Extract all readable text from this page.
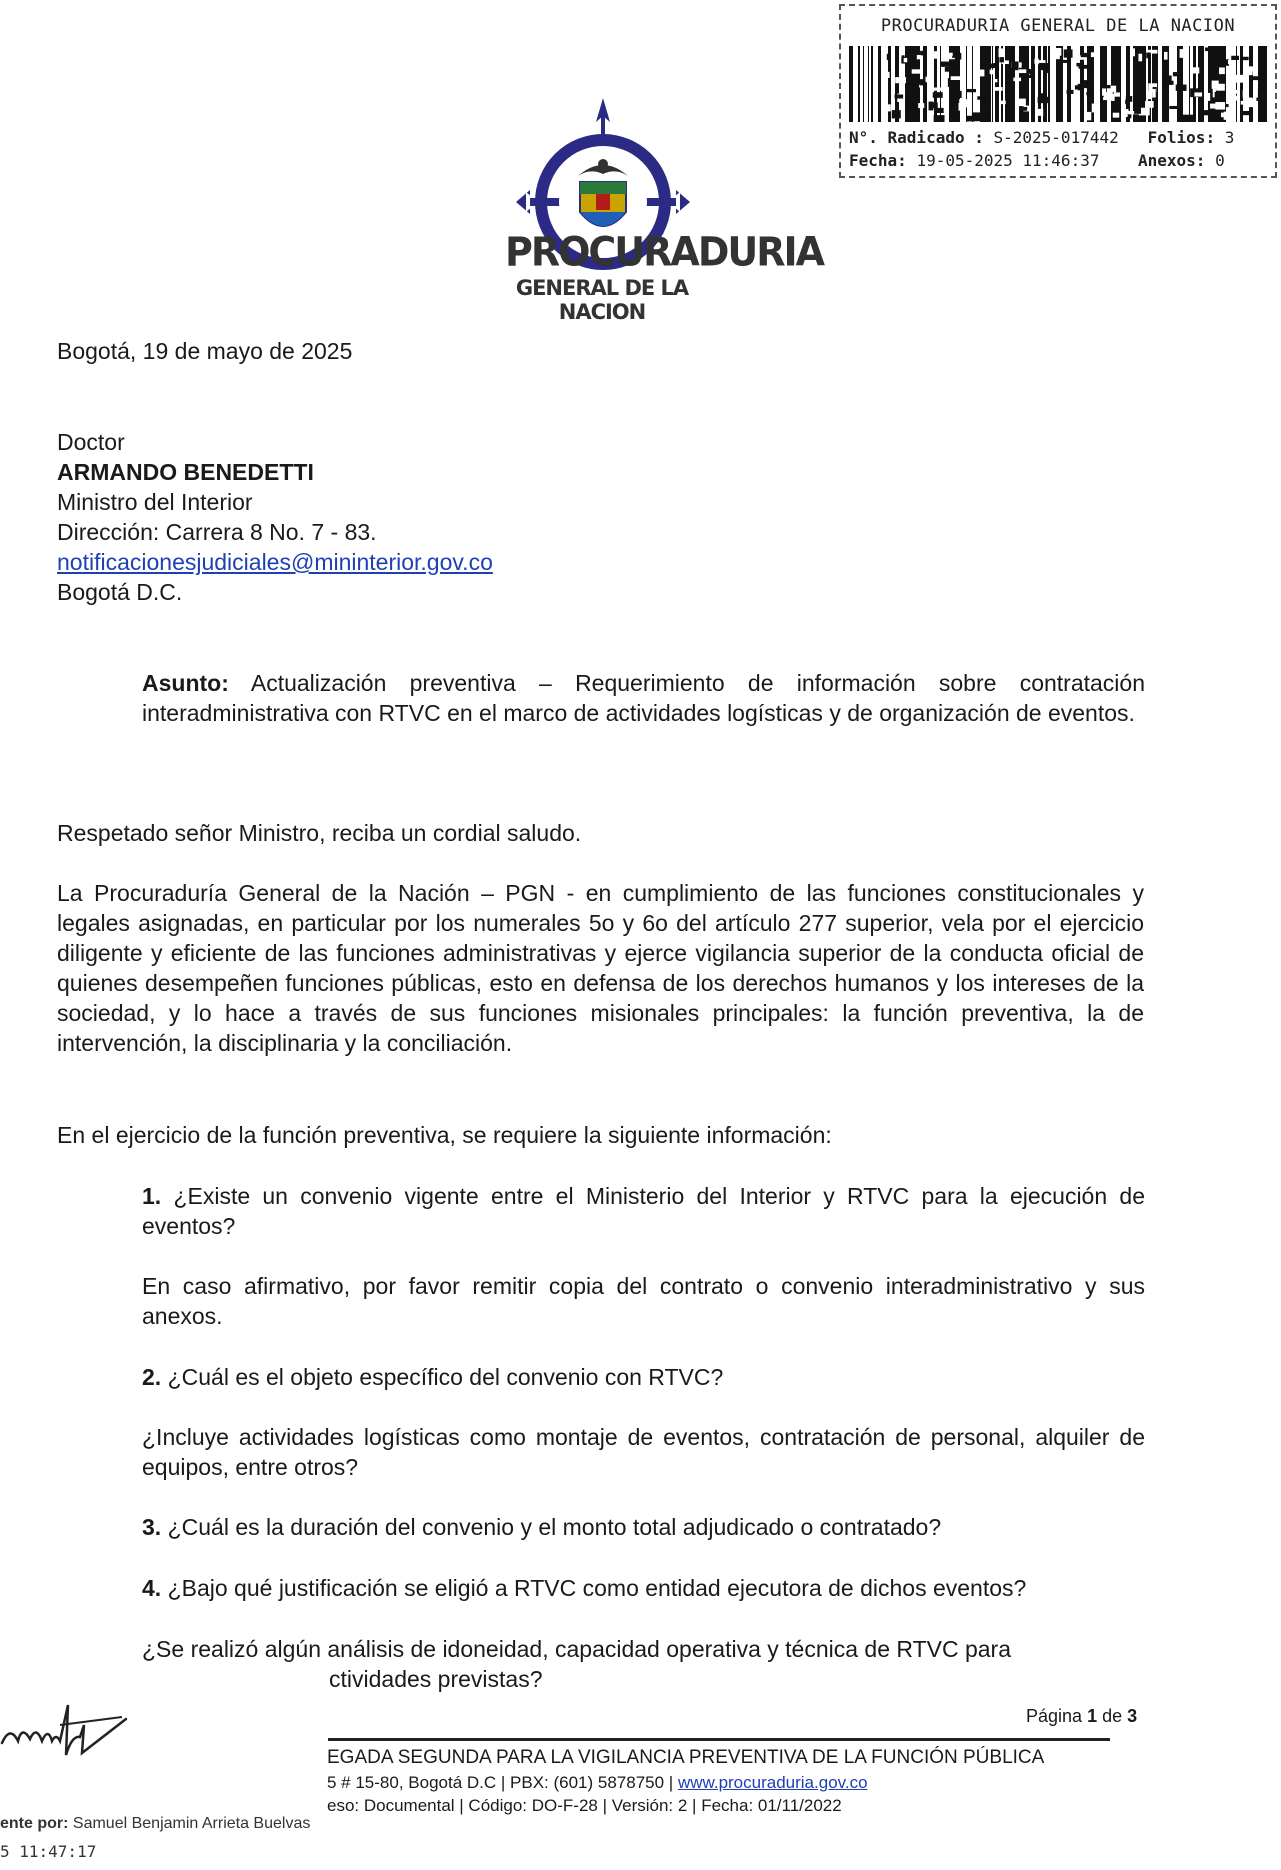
PROCURADURIA GENERAL DE LA NACION
N°. Radicado : S-2025-017442 Folios: 3
Fecha: 19-05-2025 11:46:37 Anexos: 0
PROCURADURIA
GENERAL DE LA NACION
Bogotá, 19 de mayo de 2025
Doctor
ARMANDO BENEDETTI
Ministro del Interior
Dirección: Carrera 8 No. 7 - 83.
notificacionesjudiciales@mininterior.gov.co
Bogotá D.C.
Asunto: Actualización preventiva – Requerimiento de información sobre contratación interadministrativa con RTVC en el marco de actividades logísticas y de organización de eventos.
Respetado señor Ministro, reciba un cordial saludo.
La Procuraduría General de la Nación – PGN - en cumplimiento de las funciones constitucionales y legales asignadas, en particular por los numerales 5o y 6o del artículo 277 superior, vela por el ejercicio diligente y eficiente de las funciones administrativas y ejerce vigilancia superior de la conducta oficial de quienes desempeñen funciones públicas, esto en defensa de los derechos humanos y los intereses de la sociedad, y lo hace a través de sus funciones misionales principales: la función preventiva, la de intervención, la disciplinaria y la conciliación.
En el ejercicio de la función preventiva, se requiere la siguiente información:
1. ¿Existe un convenio vigente entre el Ministerio del Interior y RTVC para la ejecución de eventos?
En caso afirmativo, por favor remitir copia del contrato o convenio interadministrativo y sus anexos.
2. ¿Cuál es el objeto específico del convenio con RTVC?
¿Incluye actividades logísticas como montaje de eventos, contratación de personal, alquiler de equipos, entre otros?
3. ¿Cuál es la duración del convenio y el monto total adjudicado o contratado?
4. ¿Bajo qué justificación se eligió a RTVC como entidad ejecutora de dichos eventos?
¿Se realizó algún análisis de idoneidad, capacidad operativa y técnica de RTVC para
ctividades previstas?
Página 1 de 3
EGADA SEGUNDA PARA LA VIGILANCIA PREVENTIVA DE LA FUNCIÓN PÚBLICA
5 # 15-80, Bogotá D.C | PBX: (601) 5878750 | www.procuraduria.gov.co
eso: Documental | Código: DO-F-28 | Versión: 2 | Fecha: 01/11/2022
ente por: Samuel Benjamin Arrieta Buelvas
5 11:47:17
